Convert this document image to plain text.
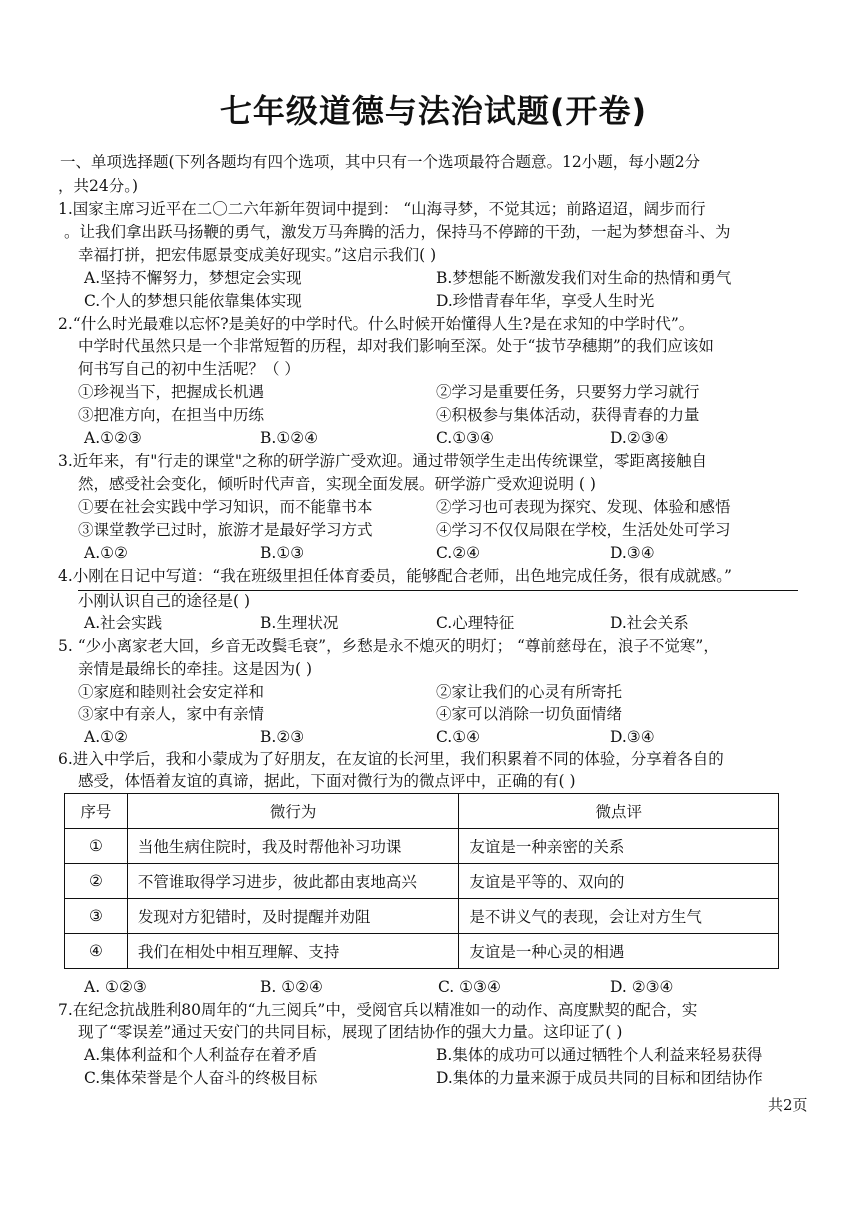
七年级道德与法治试题(开卷)
一、单项选择题(下列各题均有四个选项，其中只有一个选项最符合题意。12小题，每小题2分
，共24分。)
1.国家主席习近平在二〇二六年新年贺词中提到： “山海寻梦，不觉其远；前路迢迢，阔步而行
。让我们拿出跃马扬鞭的勇气，激发万马奔腾的活力，保持马不停蹄的干劲，一起为梦想奋斗、为
幸福打拼，把宏伟愿景变成美好现实。”这启示我们( )
A.坚持不懈努力，梦想定会实现	B.梦想能不断激发我们对生命的热情和勇气
C.个人的梦想只能依靠集体实现	D.珍惜青春年华，享受人生时光
2.“什么时光最难以忘怀?是美好的中学时代。什么时候开始懂得人生?是在求知的中学时代”。
中学时代虽然只是一个非常短暂的历程，却对我们影响至深。处于“拔节孕穗期”的我们应该如
何书写自己的初中生活呢？（ ）
①珍视当下，把握成长机遇	②学习是重要任务，只要努力学习就行
③把准方向，在担当中历练	④积极参与集体活动，获得青春的力量
A.①②③	B.①②④	C.①③④	D.②③④
3.近年来，有"行走的课堂"之称的研学游广受欢迎。通过带领学生走出传统课堂，零距离接触自
然，感受社会变化，倾听时代声音，实现全面发展。研学游广受欢迎说明 ( )
①要在社会实践中学习知识，而不能靠书本	②学习也可表现为探究、发现、体验和感悟
③课堂教学已过时，旅游才是最好学习方式	④学习不仅仅局限在学校，生活处处可学习
A.①②	B.①③	C.②④	D.③④
4.小刚在日记中写道：“我在班级里担任体育委员，能够配合老师，出色地完成任务，很有成就感。”
小刚认识自己的途径是( )
A.社会实践	B.生理状况	C.心理特征	D.社会关系
5. “少小离家老大回，乡音无改鬓毛衰”，乡愁是永不熄灭的明灯； “尊前慈母在，浪子不觉寒”，
亲情是最绵长的牵挂。这是因为( )
①家庭和睦则社会安定祥和	②家让我们的心灵有所寄托
③家中有亲人，家中有亲情	④家可以消除一切负面情绪
A.①②	B.②③	C.①④	D.③④
6.进入中学后，我和小蒙成为了好朋友，在友谊的长河里，我们积累着不同的体验，分享着各自的
感受，体悟着友谊的真谛，据此，下面对微行为的微点评中，正确的有( )
序号	微行为	微点评
①	当他生病住院时，我及时帮他补习功课	友谊是一种亲密的关系
②	不管谁取得学习进步，彼此都由衷地高兴	友谊是平等的、双向的
③	发现对方犯错时，及时提醒并劝阻	是不讲义气的表现，会让对方生气
④	我们在相处中相互理解、支持	友谊是一种心灵的相遇
A. ①②③	B. ①②④	C. ①③④	D. ②③④
7.在纪念抗战胜利80周年的“九三阅兵”中，受阅官兵以精准如一的动作、高度默契的配合，实
现了“零误差”通过天安门的共同目标，展现了团结协作的强大力量。这印证了( )
A.集体利益和个人利益存在着矛盾	B.集体的成功可以通过牺牲个人利益来轻易获得
C.集体荣誉是个人奋斗的终极目标	D.集体的力量来源于成员共同的目标和团结协作
共2页
